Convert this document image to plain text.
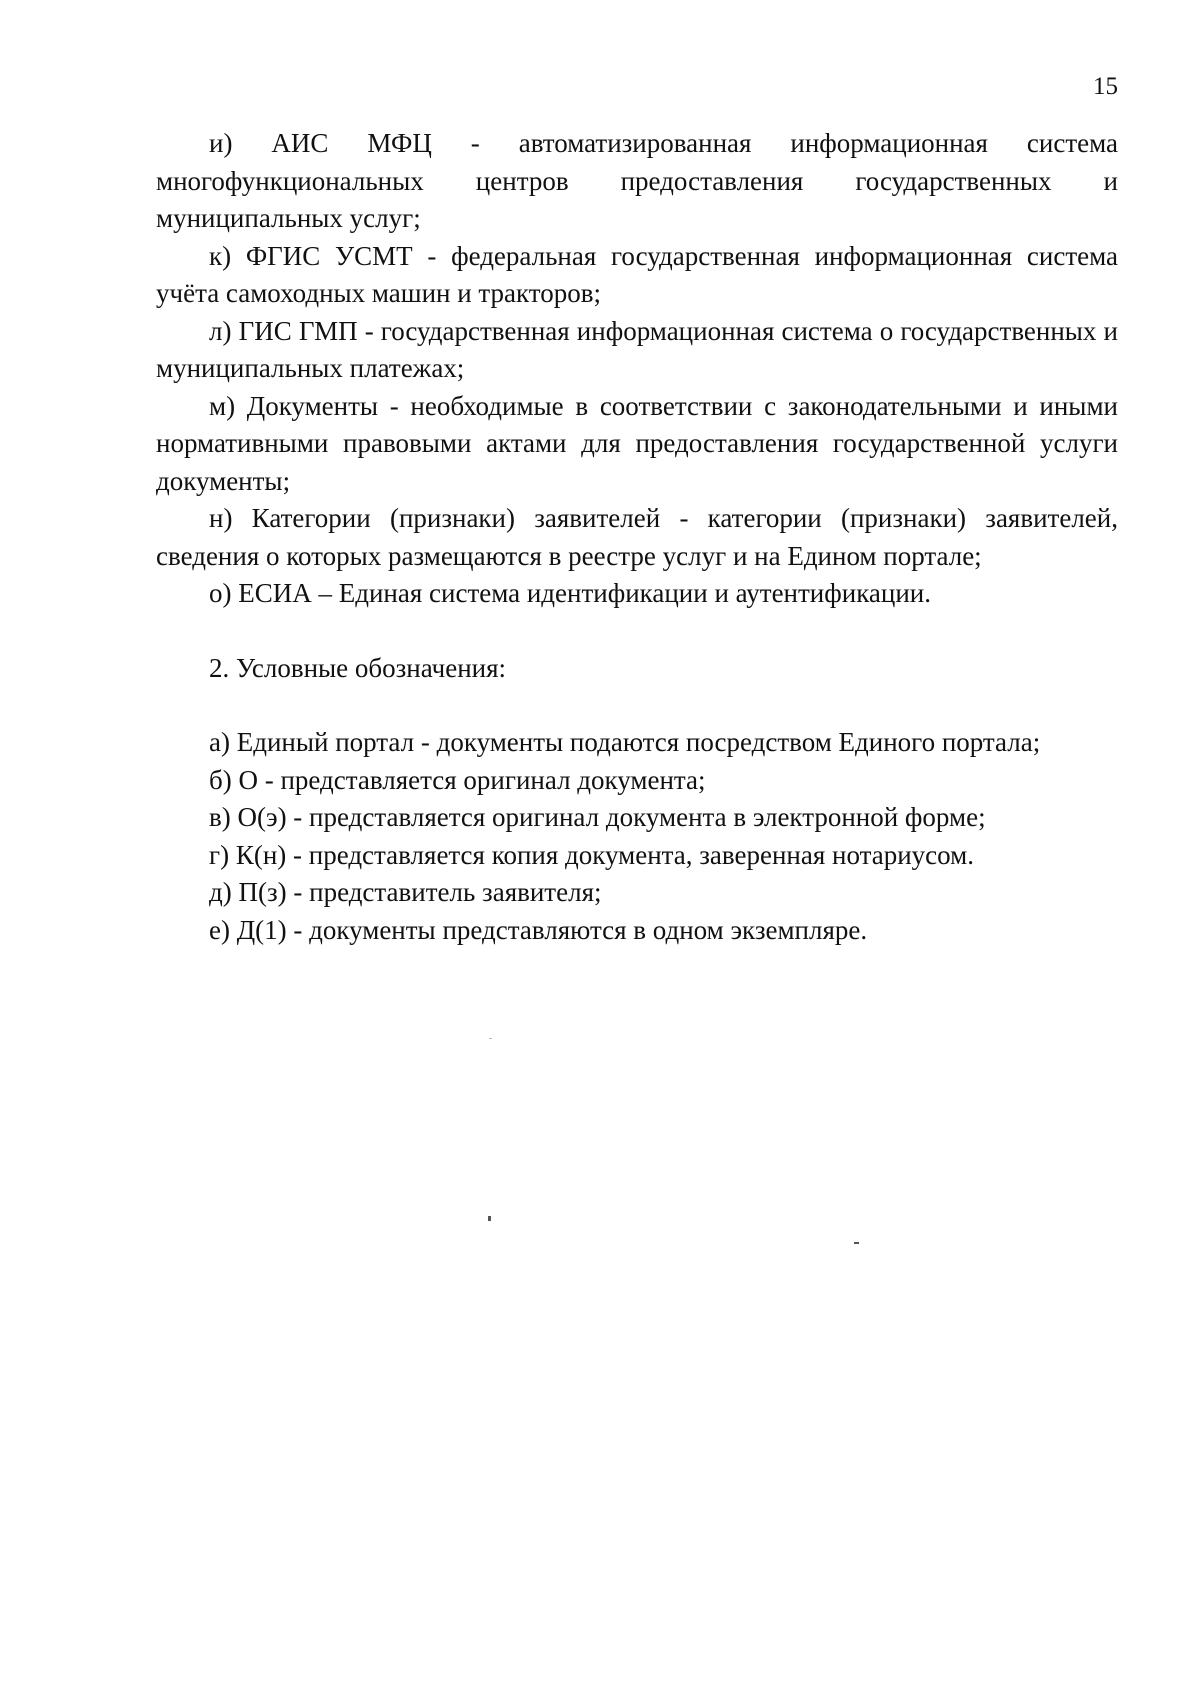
15

и) АИС МФЦ - автоматизированная информационная система многофункциональных центров предоставления государственных и муниципальных услуг;

к) ФГИС УСМТ - федеральная государственная информационная система учёта самоходных машин и тракторов;

л) ГИС ГМП - государственная информационная система о государственных и муниципальных платежах;

м) Документы - необходимые в соответствии с законодательными и иными нормативными правовыми актами для предоставления государственной услуги документы;

н) Категории (признаки) заявителей - категории (признаки) заявителей, сведения о которых размещаются в реестре услуг и на Едином портале;

о) ЕСИА – Единая система идентификации и аутентификации.

2. Условные обозначения:

а) Единый портал - документы подаются посредством Единого портала;

б) О - представляется оригинал документа;

в) О(э) - представляется оригинал документа в электронной форме;

г) К(н) - представляется копия документа, заверенная нотариусом.

д) П(з) - представитель заявителя;

е) Д(1) - документы представляются в одном экземпляре.
